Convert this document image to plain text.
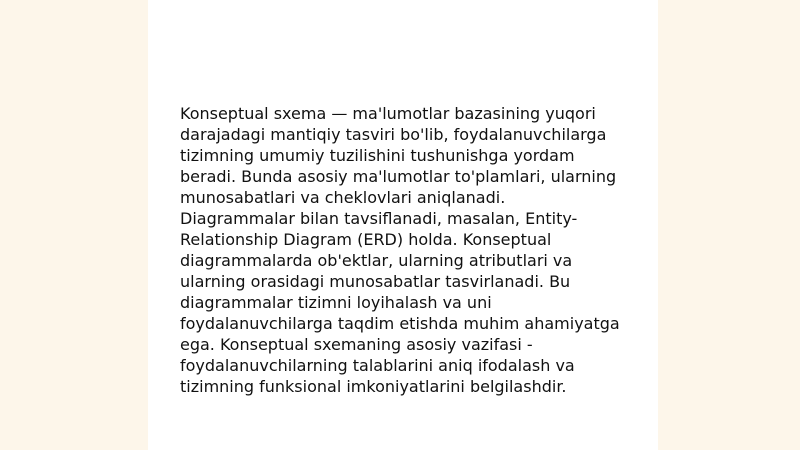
Konseptual sxema — ma'lumotlar bazasining yuqori darajadagi mantiqiy tasviri bo'lib, foydalanuvchilarga tizimning umumiy tuzilishini tushunishga yordam beradi. Bunda asosiy ma'lumotlar to'plamlari, ularning munosabatlari va cheklovlari aniqlanadi. Diagrammalar bilan tavsiflanadi, masalan, Entity-Relationship Diagram (ERD) holda. Konseptual diagrammalarda ob'ektlar, ularning atributlari va ularning orasidagi munosabatlar tasvirlanadi. Bu diagrammalar tizimni loyihalash va uni foydalanuvchilarga taqdim etishda muhim ahamiyatga ega. Konseptual sxemaning asosiy vazifasi - foydalanuvchilarning talablarini aniq ifodalash va tizimning funksional imkoniyatlarini belgilashdir.
